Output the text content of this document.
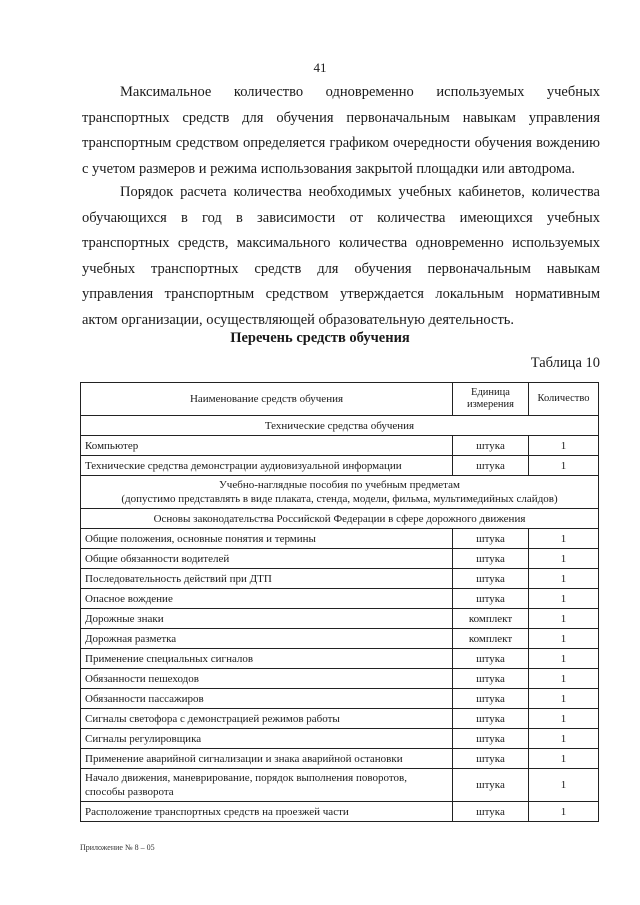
41

Максимальное количество одновременно используемых учебных транспортных средств для обучения первоначальным навыкам управления транспортным средством определяется графиком очередности обучения вождению с учетом размеров и режима использования закрытой площадки или автодрома.

Порядок расчета количества необходимых учебных кабинетов, количества обучающихся в год в зависимости от количества имеющихся учебных транспортных средств, максимального количества одновременно используемых учебных транспортных средств для обучения первоначальным навыкам управления транспортным средством утверждается локальным нормативным актом организации, осуществляющей образовательную деятельность.

Перечень средств обучения
Таблица 10
Наименование средств обучения	Единица измерения	Количество
Технические средства обучения		
Компьютер	штука	1
Технические средства демонстрации аудиовизуальной информации	штука	1
Учебно-наглядные пособия по учебным предметам
(допустимо представлять в виде плаката, стенда, модели, фильма, мультимедийных слайдов)		
Основы законодательства Российской Федерации в сфере дорожного движения		
Общие положения, основные понятия и термины	штука	1
Общие обязанности водителей	штука	1
Последовательность действий при ДТП	штука	1
Опасное вождение	штука	1
Дорожные знаки	комплект	1
Дорожная разметка	комплект	1
Применение специальных сигналов	штука	1
Обязанности пешеходов	штука	1
Обязанности пассажиров	штука	1
Сигналы светофора с демонстрацией режимов работы	штука	1
Сигналы регулировщика	штука	1
Применение аварийной сигнализации и знака аварийной остановки	штука	1
Начало движения, маневрирование, порядок выполнения поворотов, способы разворота	штука	1
Расположение транспортных средств на проезжей части	штука	1
Приложение № 8 – 05
